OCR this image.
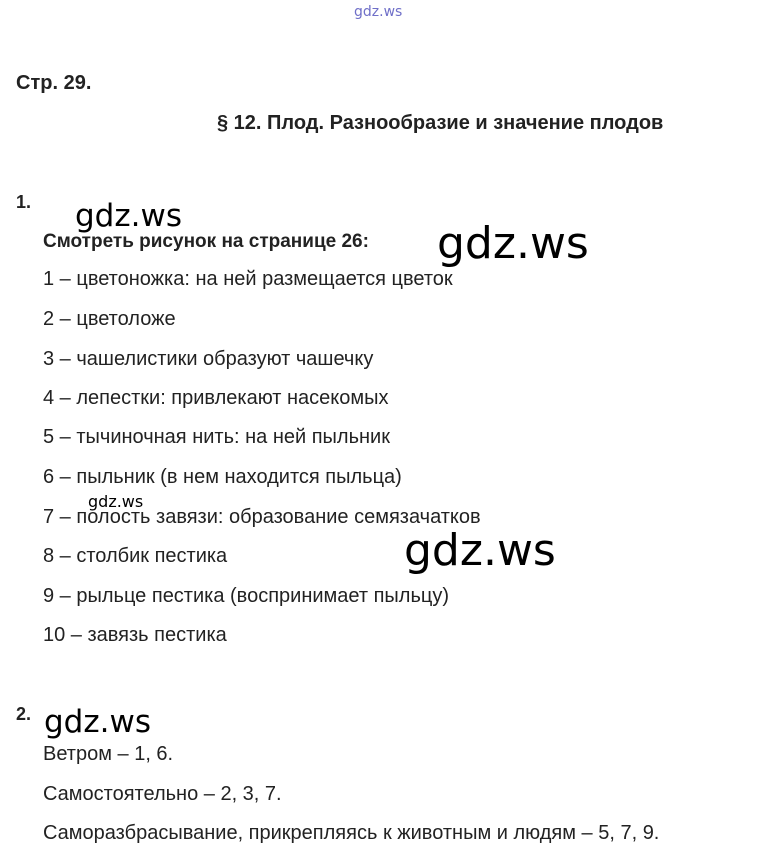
gdz.ws
Стр. 29.
§ 12. Плод. Разнообразие и значение плодов
1. gdz.ws
Смотреть рисунок на странице 26: gdz.ws
1 – цветоножка: на ней размещается цветок
2 – цветоложе
3 – чашелистики образуют чашечку
4 – лепестки: привлекают насекомых
5 – тычиночная нить: на ней пыльник
6 – пыльник (в нем находится пыльца)
7 – полость завязи: образование семязачатков
gdz.ws
8 – столбик пестика	gdz.ws
9 – рыльце пестика (воспринимает пыльцу)
10 – завязь пестика
2. gdz.ws
Ветром – 1, 6.
Самостоятельно – 2, 3, 7.
Саморазбрасывание, прикрепляясь к животным и людям – 5, 7, 9.
